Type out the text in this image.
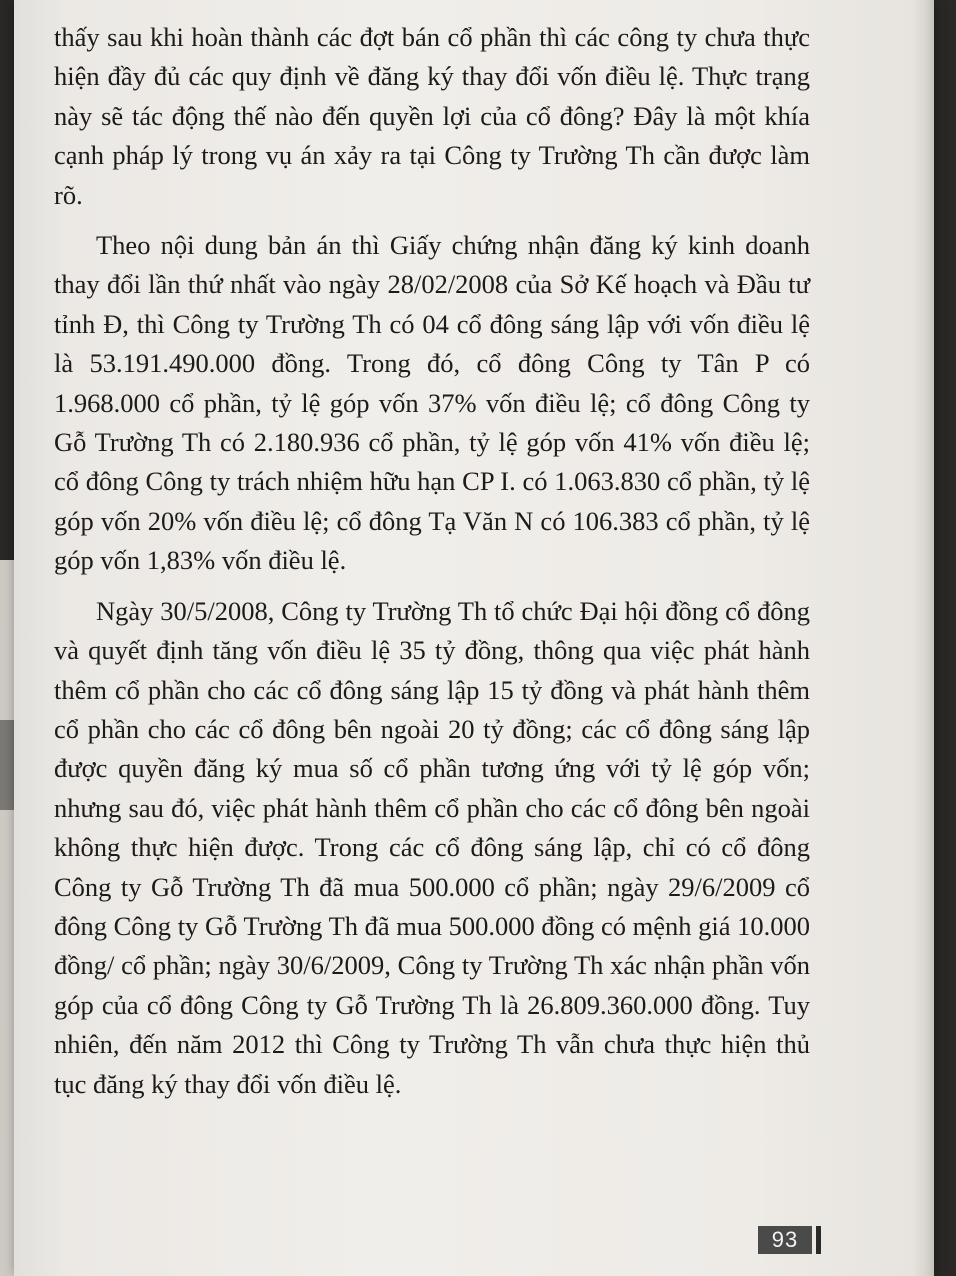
thấy sau khi hoàn thành các đợt bán cổ phần thì các công ty chưa thực hiện đầy đủ các quy định về đăng ký thay đổi vốn điều lệ. Thực trạng này sẽ tác động thế nào đến quyền lợi của cổ đông? Đây là một khía cạnh pháp lý trong vụ án xảy ra tại Công ty Trường Th cần được làm rõ.

Theo nội dung bản án thì Giấy chứng nhận đăng ký kinh doanh thay đổi lần thứ nhất vào ngày 28/02/2008 của Sở Kế hoạch và Đầu tư tỉnh Đ, thì Công ty Trường Th có 04 cổ đông sáng lập với vốn điều lệ là 53.191.490.000 đồng. Trong đó, cổ đông Công ty Tân P có 1.968.000 cổ phần, tỷ lệ góp vốn 37% vốn điều lệ; cổ đông Công ty Gỗ Trường Th có 2.180.936 cổ phần, tỷ lệ góp vốn 41% vốn điều lệ; cổ đông Công ty trách nhiệm hữu hạn CP I. có 1.063.830 cổ phần, tỷ lệ góp vốn 20% vốn điều lệ; cổ đông Tạ Văn N có 106.383 cổ phần, tỷ lệ góp vốn 1,83% vốn điều lệ.

Ngày 30/5/2008, Công ty Trường Th tổ chức Đại hội đồng cổ đông và quyết định tăng vốn điều lệ 35 tỷ đồng, thông qua việc phát hành thêm cổ phần cho các cổ đông sáng lập 15 tỷ đồng và phát hành thêm cổ phần cho các cổ đông bên ngoài 20 tỷ đồng; các cổ đông sáng lập được quyền đăng ký mua số cổ phần tương ứng với tỷ lệ góp vốn; nhưng sau đó, việc phát hành thêm cổ phần cho các cổ đông bên ngoài không thực hiện được. Trong các cổ đông sáng lập, chỉ có cổ đông Công ty Gỗ Trường Th đã mua 500.000 cổ phần; ngày 29/6/2009 cổ đông Công ty Gỗ Trường Th đã mua 500.000 đồng có mệnh giá 10.000 đồng/ cổ phần; ngày 30/6/2009, Công ty Trường Th xác nhận phần vốn góp của cổ đông Công ty Gỗ Trường Th là 26.809.360.000 đồng. Tuy nhiên, đến năm 2012 thì Công ty Trường Th vẫn chưa thực hiện thủ tục đăng ký thay đổi vốn điều lệ.

93
